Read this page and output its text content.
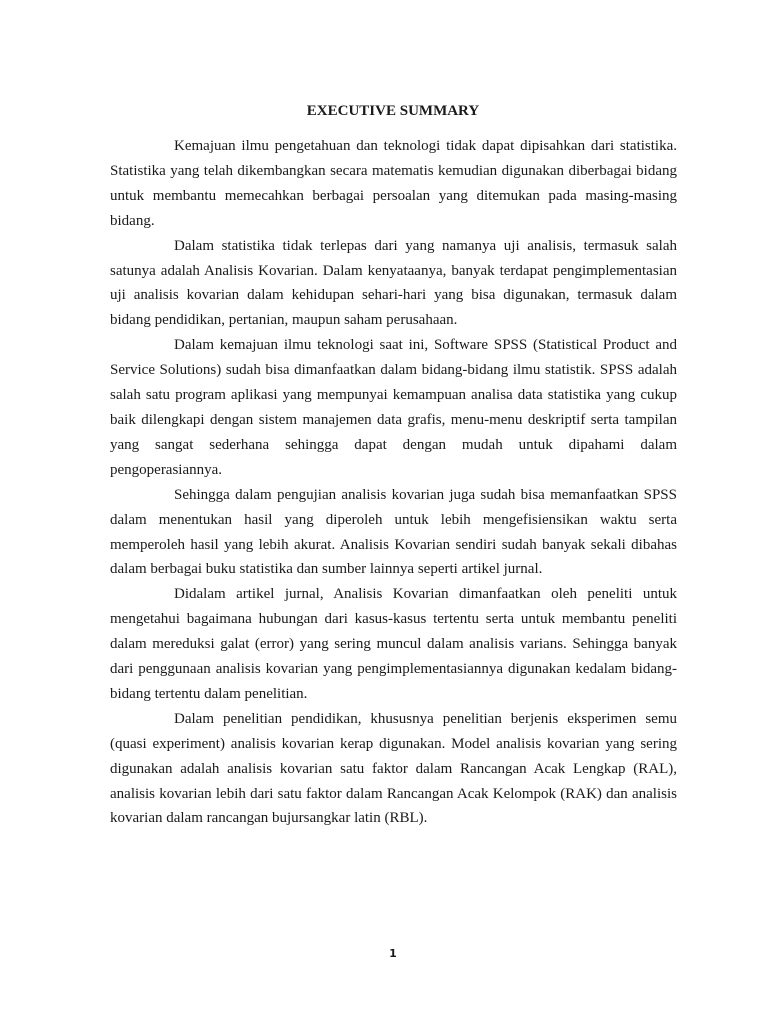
EXECUTIVE SUMMARY

Kemajuan ilmu pengetahuan dan teknologi tidak dapat dipisahkan dari statistika. Statistika yang telah dikembangkan secara matematis kemudian digunakan diberbagai bidang untuk membantu memecahkan berbagai persoalan yang ditemukan pada masing-masing bidang.

Dalam statistika tidak terlepas dari yang namanya uji analisis, termasuk salah satunya adalah Analisis Kovarian. Dalam kenyataanya, banyak terdapat pengimplementasian uji analisis kovarian dalam kehidupan sehari-hari yang bisa digunakan, termasuk dalam bidang pendidikan, pertanian, maupun saham perusahaan.

Dalam kemajuan ilmu teknologi saat ini, Software SPSS (Statistical Product and Service Solutions) sudah bisa dimanfaatkan dalam bidang-bidang ilmu statistik. SPSS adalah salah satu program aplikasi yang mempunyai kemampuan analisa data statistika yang cukup baik dilengkapi dengan sistem manajemen data grafis, menu-menu deskriptif serta tampilan yang sangat sederhana sehingga dapat dengan mudah untuk dipahami dalam pengoperasiannya.

Sehingga dalam pengujian analisis kovarian juga sudah bisa memanfaatkan SPSS dalam menentukan hasil yang diperoleh untuk lebih mengefisiensikan waktu serta memperoleh hasil yang lebih akurat. Analisis Kovarian sendiri sudah banyak sekali dibahas dalam berbagai buku statistika dan sumber lainnya seperti artikel jurnal.

Didalam artikel jurnal, Analisis Kovarian dimanfaatkan oleh peneliti untuk mengetahui bagaimana hubungan dari kasus-kasus tertentu serta untuk membantu peneliti dalam mereduksi galat (error) yang sering muncul dalam analisis varians. Sehingga banyak dari penggunaan analisis kovarian yang pengimplementasiannya digunakan kedalam bidang-bidang tertentu dalam penelitian.

Dalam penelitian pendidikan, khususnya penelitian berjenis eksperimen semu (quasi experiment) analisis kovarian kerap digunakan. Model analisis kovarian yang sering digunakan adalah analisis kovarian satu faktor dalam Rancangan Acak Lengkap (RAL), analisis kovarian lebih dari satu faktor dalam Rancangan Acak Kelompok (RAK) dan analisis kovarian dalam rancangan bujursangkar latin (RBL).

1
